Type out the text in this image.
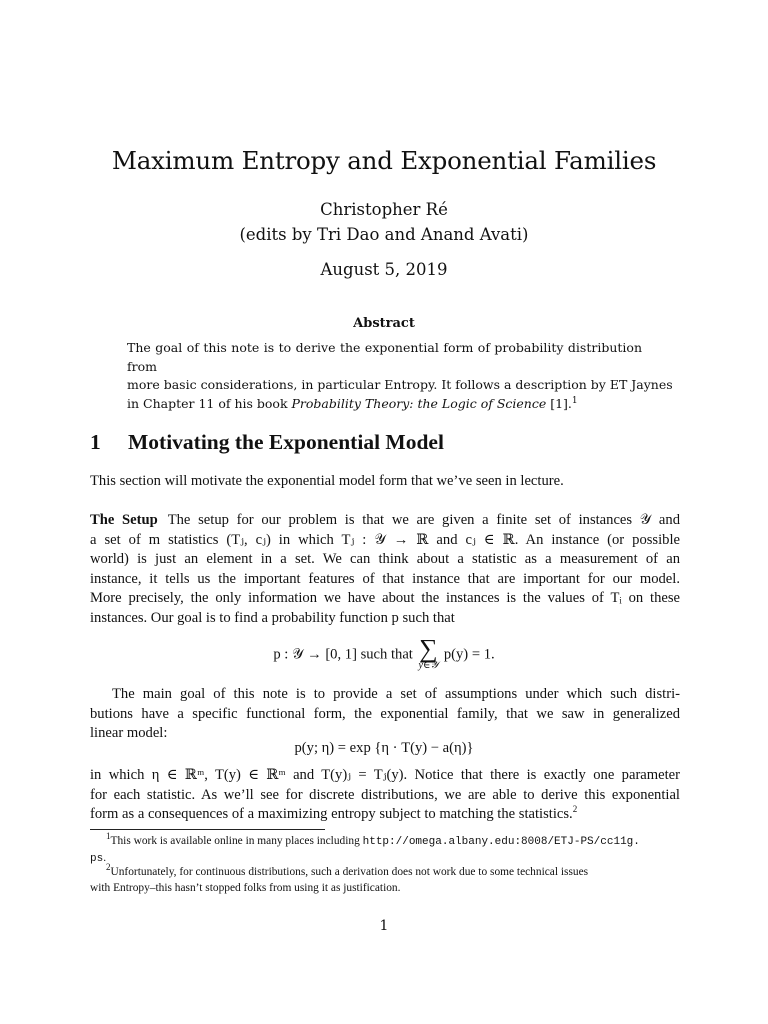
Maximum Entropy and Exponential Families
Christopher Ré
(edits by Tri Dao and Anand Avati)
August 5, 2019
Abstract
The goal of this note is to derive the exponential form of probability distribution from
more basic considerations, in particular Entropy. It follows a description by ET Jaynes
in Chapter 11 of his book Probability Theory: the Logic of Science [1].$^1$
1 Motivating the Exponential Model
This section will motivate the exponential model form that we’ve seen in lecture.
The Setup The setup for our problem is that we are given a finite set of instances 𝒴 and
a set of m statistics (Tⱼ, cⱼ) in which Tⱼ : 𝒴 → ℝ and cⱼ ∈ ℝ. An instance (or possible
world) is just an element in a set. We can think about a statistic as a measurement of an
instance, it tells us the important features of that instance that are important for our model.
More precisely, the only information we have about the instances is the values of Tᵢ on these
instances. Our goal is to find a probability function p such that
p : 𝒴 → [0, 1] such that ∑
y∈𝒴
p(y) = 1.
The main goal of this note is to provide a set of assumptions under which such distri-
butions have a specific functional form, the exponential family, that we saw in generalized
linear model:
p(y; η) = exp {η · T(y) − a(η)}
in which η ∈ ℝᵐ, T(y) ∈ ℝᵐ and T(y)ⱼ = Tⱼ(y). Notice that there is exactly one parameter
for each statistic. As we’ll see for discrete distributions, we are able to derive this exponential
form as a consequences of a maximizing entropy subject to matching the statistics.$^2$
$^1$This work is available online in many places including http://omega.albany.edu:8008/ETJ-PS/cc11g.
ps.
$^2$Unfortunately, for continuous distributions, such a derivation does not work due to some technical issues
with Entropy–this hasn’t stopped folks from using it as justification.
1
